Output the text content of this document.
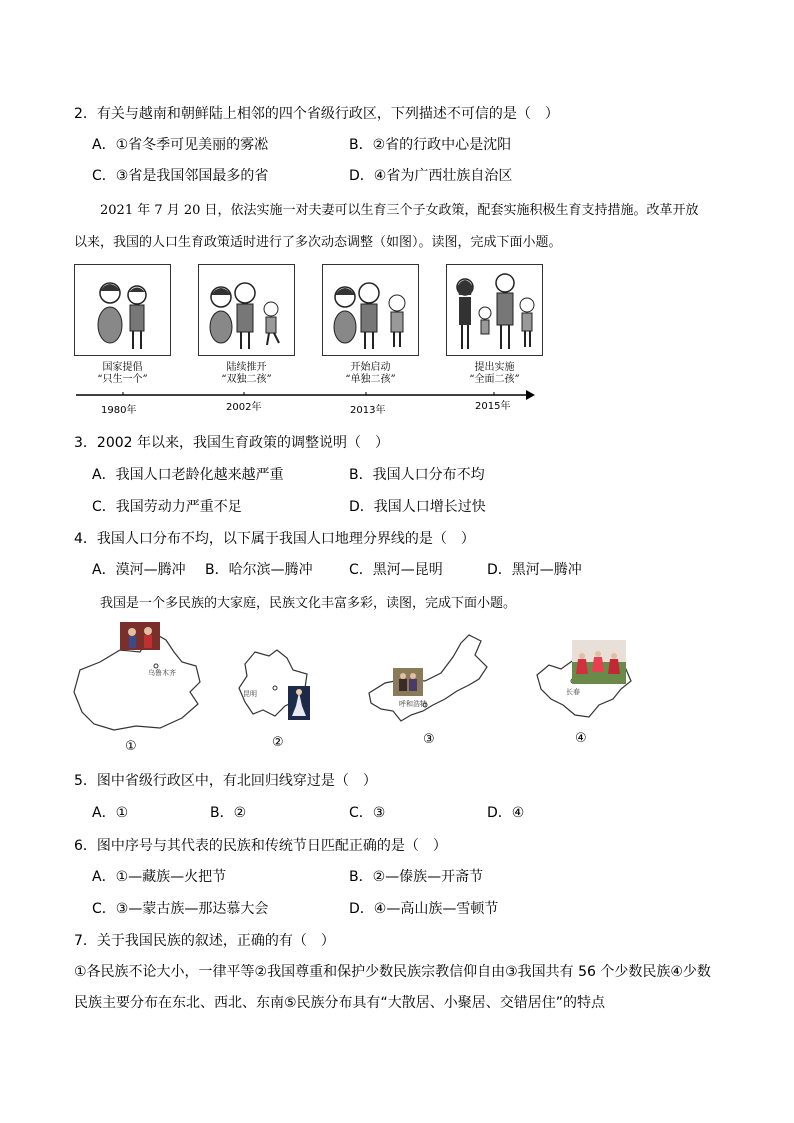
2．有关与越南和朝鲜陆上相邻的四个省级行政区，下列描述不可信的是（　）
A．①省冬季可见美丽的雾凇	B．②省的行政中心是沈阳
C．③省是我国邻国最多的省	D．④省为广西壮族自治区
2021 年 7 月 20 日，依法实施一对夫妻可以生育三个子女政策，配套实施积极生育支持措施。改革开放
以来，我国的人口生育政策适时进行了多次动态调整（如图）。读图，完成下面小题。
国家提倡
“只生一个”
陆续推开
“双独二孩”
开始启动
“单独二孩”
提出实施
“全面二孩”
1980年	2002年	2013年	2015年
3．2002 年以来，我国生育政策的调整说明（　）
A．我国人口老龄化越来越严重	B．我国人口分布不均
C．我国劳动力严重不足	D．我国人口增长过快
4．我国人口分布不均，以下属于我国人口地理分界线的是（　）
A．漠河—腾冲 B．哈尔滨—腾冲	C．黑河—昆明	D．黑河—腾冲
我国是一个多民族的大家庭，民族文化丰富多彩，读图，完成下面小题。
乌鲁木齐
①
昆明
②
呼和浩特
③
长春
④
5．图中省级行政区中，有北回归线穿过是（　）
A．①	B．②	C．③	D．④
6．图中序号与其代表的民族和传统节日匹配正确的是（　）
A．①—藏族—火把节	B．②—傣族—开斋节
C．③—蒙古族—那达慕大会	D．④—高山族—雪顿节
7．关于我国民族的叙述，正确的有（　）
①各民族不论大小，一律平等②我国尊重和保护少数民族宗教信仰自由③我国共有 56 个少数民族④少数
民族主要分布在东北、西北、东南⑤民族分布具有“大散居、小聚居、交错居住”的特点
